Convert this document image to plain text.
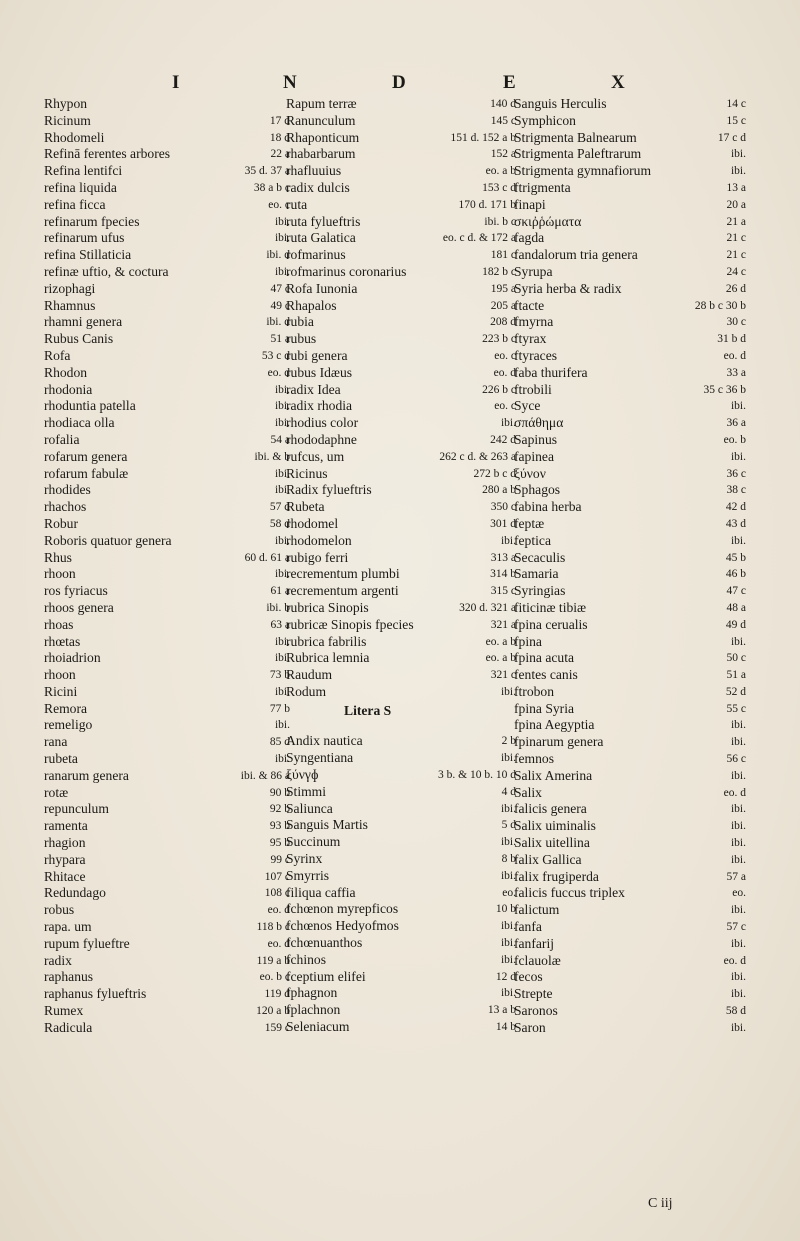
I	N	D	E	X
Rhypon
Ricinum	17 d
Rhodomeli	18 d
Refinā ferentes arbores	22 a
Refina lentifci	35 d. 37 a
refina liquida	38 a b c
refina ficca	eo. c
refinarum fpecies	ibi.
refinarum ufus	ibi.
refina Stillaticia	ibi. d
refinæ uftio, & coctura	ibi.
rizophagi	47 c
Rhamnus	49 c
rhamni genera	ibi. d
Rubus Canis	51 a
Rofa	53 c d
Rhodon	eo. d
rhodonia	ibi.
rhoduntia patella	ibi.
rhodiaca olla	ibi.
rofalia	54 a
rofarum genera	ibi. & b
rofarum fabulæ	ibi.
rhodides	ibi.
rhachos	57 d
Robur	58 d
Roboris quatuor genera	ibi.
Rhus	60 d. 61 a
rhoon	ibi.
ros fyriacus	61 a
rhoos genera	ibi. b
rhoas	63 a
rhœtas	ibi.
rhoiadrion	ibi.
rhoon	73 b
Ricini	ibi.
Remora	77 b
remeligo	ibi.
rana	85 d
rubeta	ibi.
ranarum genera	ibi. & 86 a
rotæ	90 b
repunculum	92 b
ramenta	93 b
rhagion	95 b
rhypara	99 c
Rhitace	107 c
Redundago	108 c
robus	eo. d
rapa. um	118 b c
rupum fylueftre	eo. d
radix	119 a b
raphanus	eo. b c
raphanus fylueftris	119 d
Rumex	120 a b
Radicula	159 c
Rapum terræ	140 d
Ranunculum	145 c
Rhaponticum	151 d. 152 a b
rhabarbarum	152 a
rhafluuius	eo. a b
radix dulcis	153 c d
ruta	170 d. 171 b
ruta fylueftris	ibi. b c
ruta Galatica	eo. c d. & 172 a
rofmarinus	181 c
rofmarinus coronarius	182 b c
Rofa Iunonia	195 a
Rhapalos	205 a
rubia	208 d
rubus	223 b c
rubi genera	eo. c
rubus Idæus	eo. d
radix Idea	226 b c
radix rhodia	eo. c
rhodius color	ibi.
rhododaphne	242 d
rufcus, um	262 c d. & 263 a
Ricinus	272 b c d
Radix fylueftris	280 a b
Rubeta	350 c
rhodomel	301 d
rhodomelon	ibi.
rubigo ferri	313 a
recrementum plumbi	314 b
recrementum argenti	315 c
rubrica Sinopis	320 d. 321 a
rubricæ Sinopis fpecies	321 a
rubrica fabrilis	eo. a b
Rubrica lemnia	eo. a b
Raudum	321 c
Rodum	ibi.
Litera S
Andix nautica	2 b
Syngentiana	ibi.
ξύνγɸ	3 b. & 10 b. 10 d
Stimmi	4 d
Saliunca	ibi.
Sanguis Martis	5 d
Succinum	ibi.
Syrinx	8 b
Smyrris	ibi.
filiqua caffia	eo.
fchœnon myrepficos	10 b
fchœnos Hedyofmos	ibi.
fchœnuanthos	ibi.
fchinos	ibi.
fceptium elifei	12 d
fphagnon	ibi.
fplachnon	13 a b
Seleniacum	14 b
Sanguis Herculis	14 c
Symphicon	15 c
Strigmenta Balnearum	17 c d
Strigmenta Paleftrarum	ibi.
Strigmenta gymnafiorum	ibi.
ftrigmenta	13 a
finapi	20 a
σκιῤῥώματα	21 a
fagda	21 c
fandalorum tria genera	21 c
Syrupa	24 c
Syria herba & radix	26 d
ftacte	28 b c 30 b
fmyrna	30 c
ftyrax	31 b d
ftyraces	eo. d
faba thurifera	33 a
ftrobili	35 c 36 b
Syce	ibi.
σπάθημα	36 a
Sapinus	eo. b
fapinea	ibi.
ξύνον	36 c
Sphagos	38 c
fabina herba	42 d
feptæ	43 d
feptica	ibi.
Secaculis	45 b
Samaria	46 b
Syringias	47 c
fiticinæ tibiæ	48 a
fpina cerualis	49 d
fpina	ibi.
fpina acuta	50 c
fentes canis	51 a
ftrobon	52 d
fpina Syria	55 c
fpina Aegyptia	ibi.
fpinarum genera	ibi.
femnos	56 c
Salix Amerina	ibi.
Salix	eo. d
falicis genera	ibi.
Salix uiminalis	ibi.
Salix uitellina	ibi.
falix Gallica	ibi.
falix frugiperda	57 a
falicis fuccus triplex	eo.
falictum	ibi.
fanfa	57 c
fanfarij	ibi.
fclauolæ	eo. d
fecos	ibi.
Strepte	ibi.
Saronos	58 d
Saron	ibi.
C iij
